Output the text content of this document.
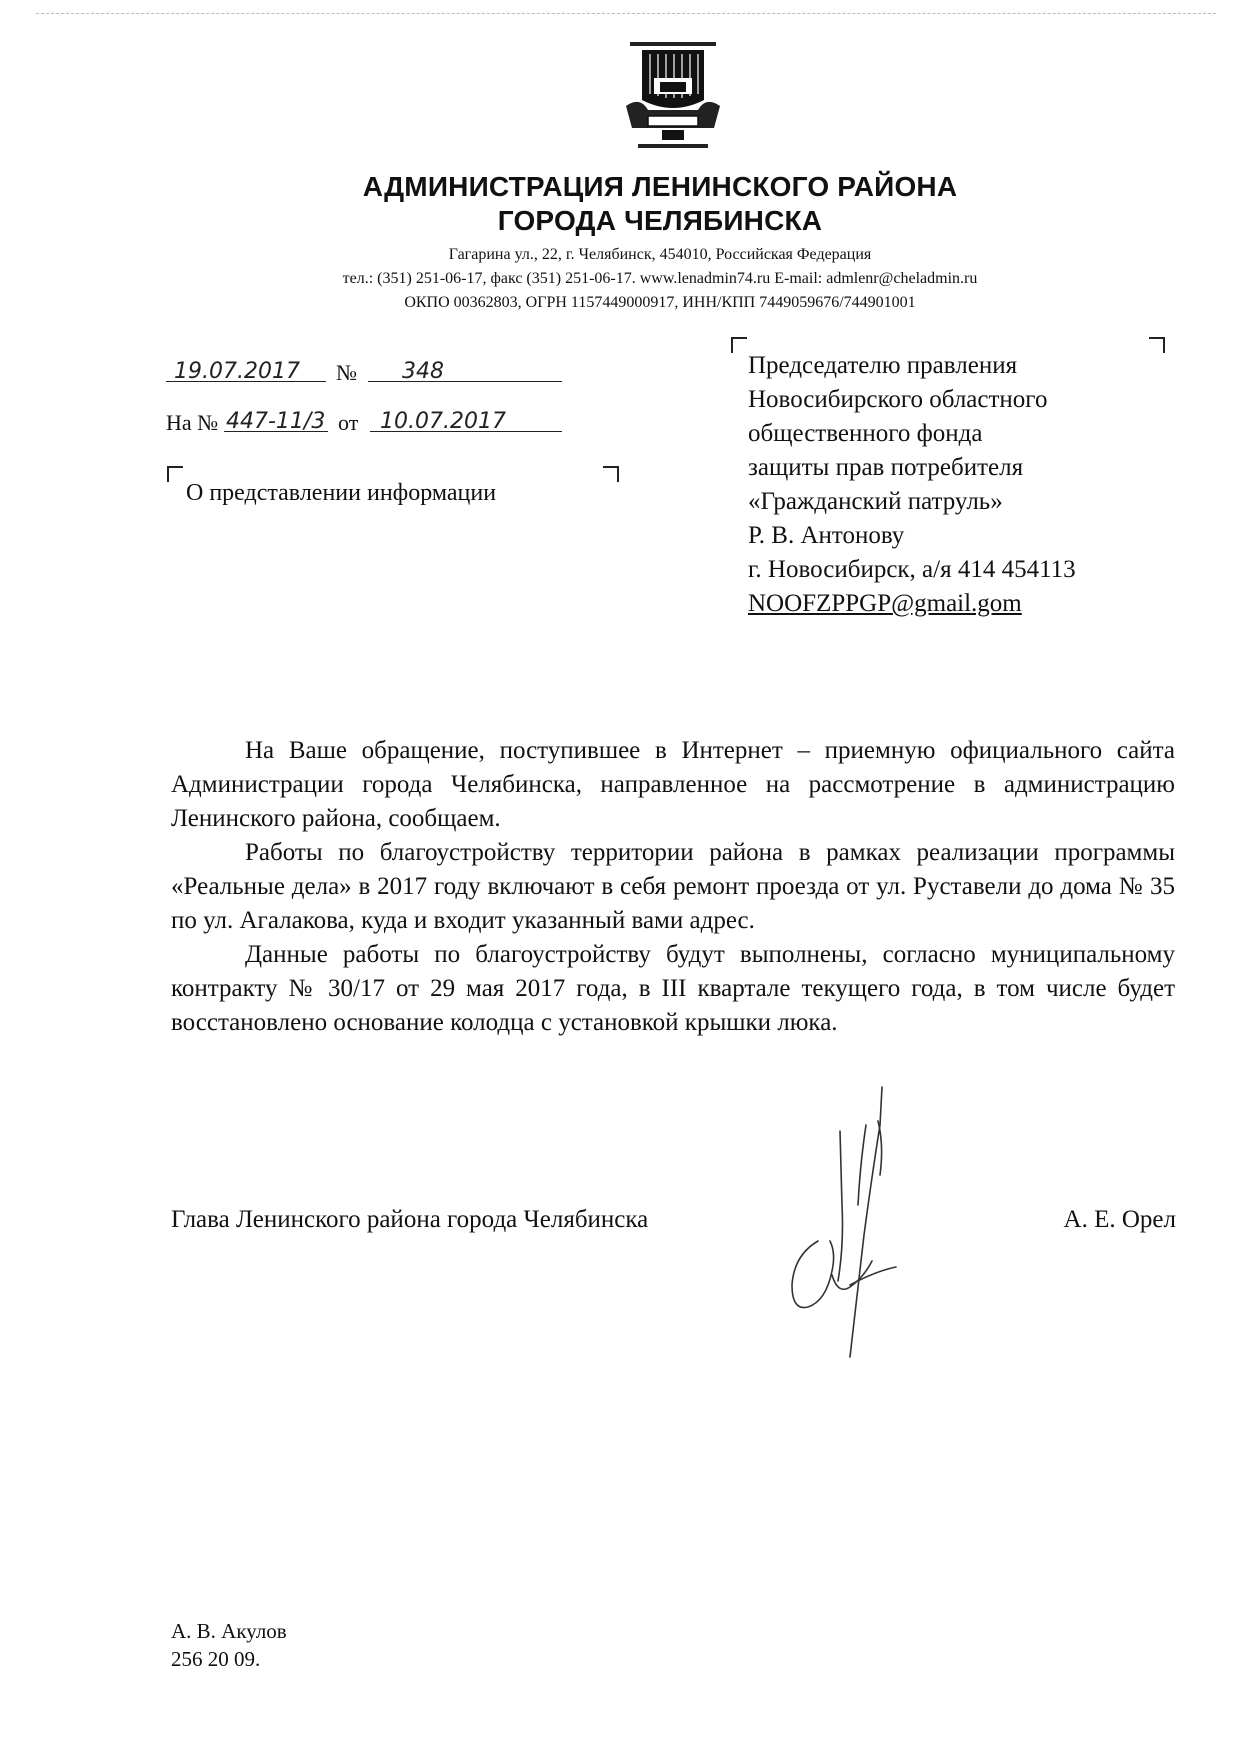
АДМИНИСТРАЦИЯ ЛЕНИНСКОГО РАЙОНА
ГОРОДА ЧЕЛЯБИНСКА
Гагарина ул., 22, г. Челябинск, 454010, Российская Федерация
тел.: (351) 251-06-17, факс (351) 251-06-17. www.lenadmin74.ru E-mail: admlenr@cheladmin.ru
ОКПО 00362803, ОГРН 1157449000917, ИНН/КПП 7449059676/744901001
19.07.2017 № 348
На № 447-11/3 от 10.07.2017
О представлении информации
Председателю правления
Новосибирского областного
общественного фонда
защиты прав потребителя
«Гражданский патруль»
Р. В. Антонову
г. Новосибирск, а/я 414 454113
NOOFZPPGP@gmail.gom

На Ваше обращение, поступившее в Интернет – приемную официального сайта Администрации города Челябинска, направленное на рассмотрение в администрацию Ленинского района, сообщаем.

Работы по благоустройству территории района в рамках реализации программы «Реальные дела» в 2017 году включают в себя ремонт проезда от ул. Руставели до дома № 35 по ул. Агалакова, куда и входит указанный вами адрес.

Данные работы по благоустройству будут выполнены, согласно муниципальному контракту № 30/17 от 29 мая 2017 года, в III квартале текущего года, в том числе будет восстановлено основание колодца с установкой крышки люка.

Глава Ленинского района города Челябинска	А. Е. Орел
А. В. Акулов
256 20 09.
